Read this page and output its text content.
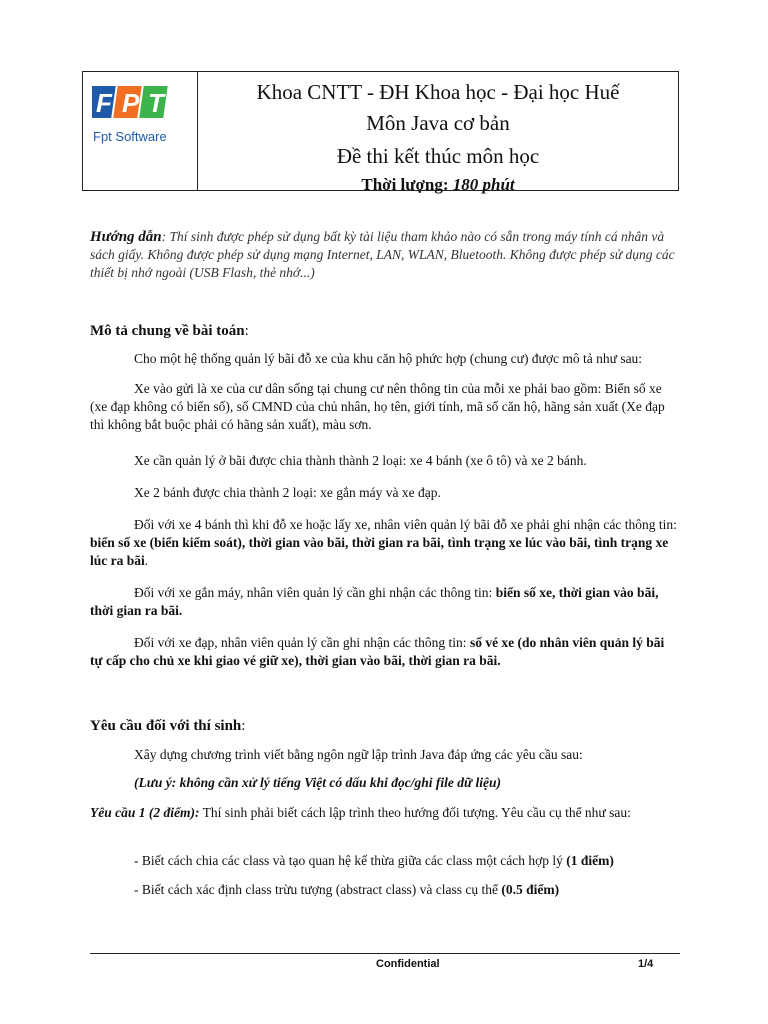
F P T
Fpt Software
Khoa CNTT - ĐH Khoa học - Đại học Huế
Môn Java cơ bản
Đề thi kết thúc môn học
Thời lượng: 180 phút
Hướng dẫn: Thí sinh được phép sử dụng bất kỳ tài liệu tham khảo nào có sẵn trong máy tính cá nhân và sách giấy. Không được phép sử dụng mạng Internet, LAN, WLAN, Bluetooth. Không được phép sử dụng các thiết bị nhớ ngoài (USB Flash, thẻ nhớ...)
Mô tả chung về bài toán:

Cho một hệ thống quản lý bãi đỗ xe của khu căn hộ phức hợp (chung cư) được mô tả như sau:

Xe vào gửi là xe của cư dân sống tại chung cư nên thông tin của mỗi xe phải bao gồm: Biển số xe (xe đạp không có biển số), số CMND của chủ nhân, họ tên, giới tính, mã số căn hộ, hãng sản xuất (Xe đạp thì không bắt buộc phải có hãng sản xuất), màu sơn.

Xe cần quản lý ở bãi được chia thành thành 2 loại: xe 4 bánh (xe ô tô) và xe 2 bánh.

Xe 2 bánh được chia thành 2 loại: xe gắn máy và xe đạp.

Đối với xe 4 bánh thì khi đỗ xe hoặc lấy xe, nhân viên quản lý bãi đỗ xe phải ghi nhận các thông tin: biển số xe (biển kiểm soát), thời gian vào bãi, thời gian ra bãi, tình trạng xe lúc vào bãi, tình trạng xe lúc ra bãi.

Đối với xe gắn máy, nhân viên quản lý cần ghi nhận các thông tin: biển số xe, thời gian vào bãi, thời gian ra bãi.

Đối với xe đạp, nhân viên quản lý cần ghi nhận các thông tin: số vé xe (do nhân viên quản lý bãi tự cấp cho chủ xe khi giao vé giữ xe), thời gian vào bãi, thời gian ra bãi.

Yêu cầu đối với thí sinh:

Xây dựng chương trình viết bằng ngôn ngữ lập trình Java đáp ứng các yêu cầu sau:

(Lưu ý: không cần xử lý tiếng Việt có dấu khi đọc/ghi file dữ liệu)

Yêu cầu 1 (2 điểm): Thí sinh phải biết cách lập trình theo hướng đối tượng. Yêu cầu cụ thể như sau:

- Biết cách chia các class và tạo quan hệ kế thừa giữa các class một cách hợp lý (1 điểm)

- Biết cách xác định class trừu tượng (abstract class) và class cụ thể (0.5 điểm)

Confidential	1/4
